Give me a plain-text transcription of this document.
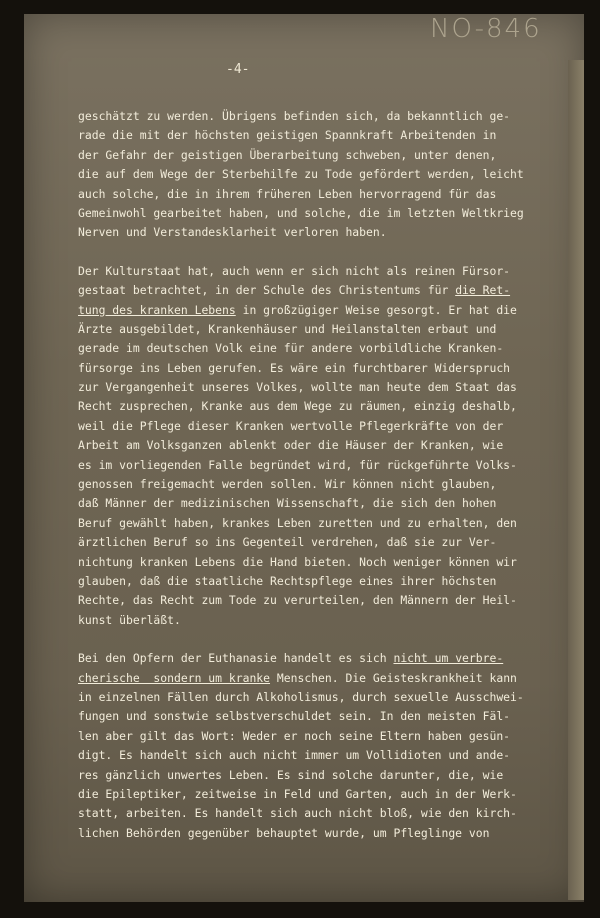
NO-846
-4-
geschätzt zu werden. Übrigens befinden sich, da bekanntlich ge-
rade die mit der höchsten geistigen Spannkraft Arbeitenden in
der Gefahr der geistigen Überarbeitung schweben, unter denen,
die auf dem Wege der Sterbehilfe zu Tode gefördert werden, leicht
auch solche, die in ihrem früheren Leben hervorragend für das
Gemeinwohl gearbeitet haben, und solche, die im letzten Weltkrieg
Nerven und Verstandesklarheit verloren haben.
Der Kulturstaat hat, auch wenn er sich nicht als reinen Fürsor-
gestaat betrachtet, in der Schule des Christentums für die Ret-
tung des kranken Lebens in großzügiger Weise gesorgt. Er hat die
Ärzte ausgebildet, Krankenhäuser und Heilanstalten erbaut und
gerade im deutschen Volk eine für andere vorbildliche Kranken-
fürsorge ins Leben gerufen. Es wäre ein furchtbarer Widerspruch
zur Vergangenheit unseres Volkes, wollte man heute dem Staat das
Recht zusprechen, Kranke aus dem Wege zu räumen, einzig deshalb,
weil die Pflege dieser Kranken wertvolle Pflegerkräfte von der
Arbeit am Volksganzen ablenkt oder die Häuser der Kranken, wie
es im vorliegenden Falle begründet wird, für rückgeführte Volks-
genossen freigemacht werden sollen. Wir können nicht glauben,
daß Männer der medizinischen Wissenschaft, die sich den hohen
Beruf gewählt haben, krankes Leben zuretten und zu erhalten, den
ärztlichen Beruf so ins Gegenteil verdrehen, daß sie zur Ver-
nichtung kranken Lebens die Hand bieten. Noch weniger können wir
glauben, daß die staatliche Rechtspflege eines ihrer höchsten
Rechte, das Recht zum Tode zu verurteilen, den Männern der Heil-
kunst überläßt.
Bei den Opfern der Euthanasie handelt es sich nicht um verbre-
cherische  sondern um kranke Menschen. Die Geisteskrankheit kann
in einzelnen Fällen durch Alkoholismus, durch sexuelle Ausschwei-
fungen und sonstwie selbstverschuldet sein. In den meisten Fäl-
len aber gilt das Wort: Weder er noch seine Eltern haben gesün-
digt. Es handelt sich auch nicht immer um Vollidioten und ande-
res gänzlich unwertes Leben. Es sind solche darunter, die, wie
die Epileptiker, zeitweise in Feld und Garten, auch in der Werk-
statt, arbeiten. Es handelt sich auch nicht bloß, wie den kirch-
lichen Behörden gegenüber behauptet wurde, um Pfleglinge von
